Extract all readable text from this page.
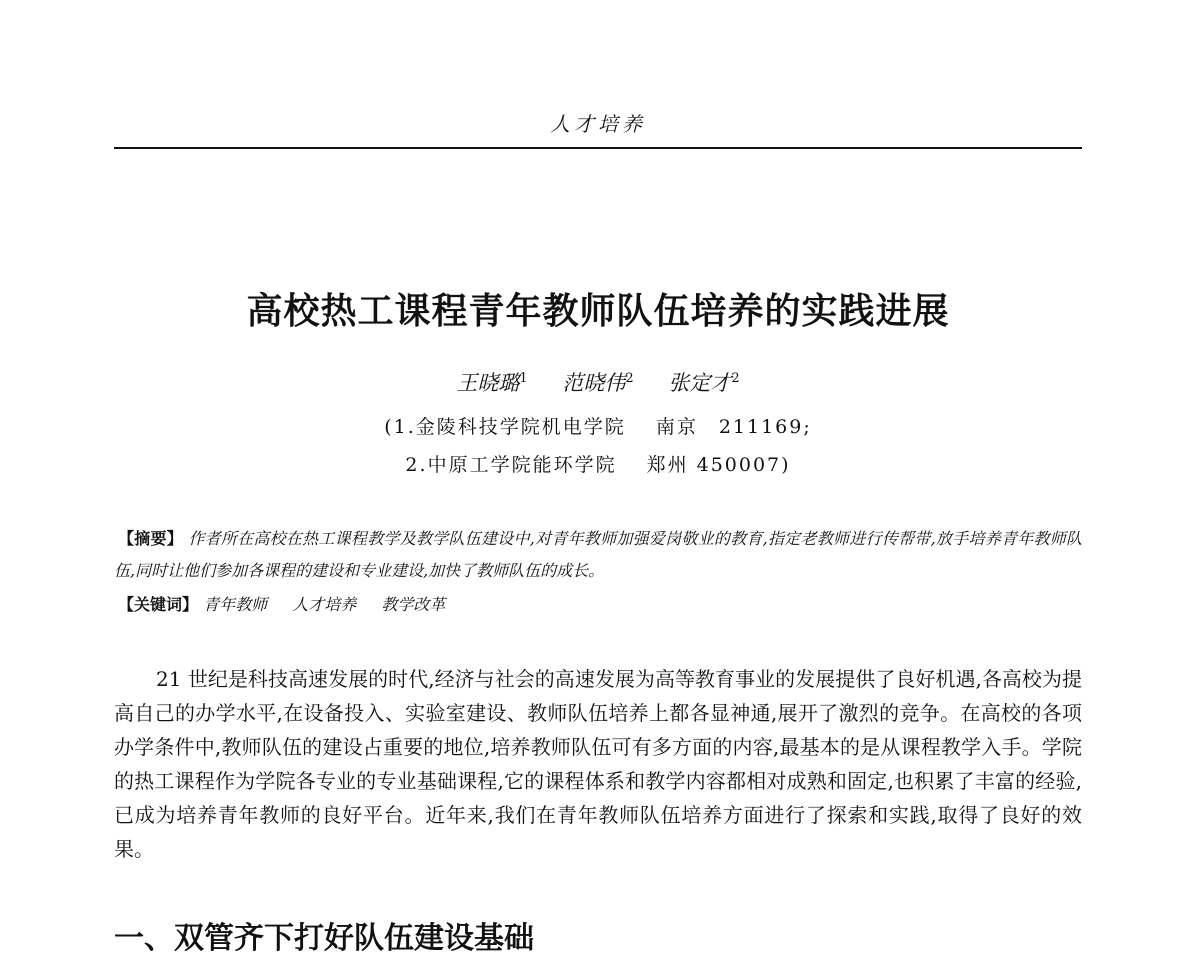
人才培养
高校热工课程青年教师队伍培养的实践进展
王晓璐$^1$ 范晓伟$^2$ 张定才$^2$
(1.金陵科技学院机电学院 南京　211169;
2.中原工学院能环学院 郑州 450007)
【摘要】 作者所在高校在热工课程教学及教学队伍建设中,对青年教师加强爱岗敬业的教育,指定老教师进行传帮带,放手培养青年教师队伍,同时让他们参加各课程的建设和专业建设,加快了教师队伍的成长。
【关键词】 青年教师 人才培养 教学改革
21 世纪是科技高速发展的时代,经济与社会的高速发展为高等教育事业的发展提供了良好机遇,各高校为提高自己的办学水平,在设备投入、实验室建设、教师队伍培养上都各显神通,展开了激烈的竞争。在高校的各项办学条件中,教师队伍的建设占重要的地位,培养教师队伍可有多方面的内容,最基本的是从课程教学入手。学院的热工课程作为学院各专业的专业基础课程,它的课程体系和教学内容都相对成熟和固定,也积累了丰富的经验,已成为培养青年教师的良好平台。近年来,我们在青年教师队伍培养方面进行了探索和实践,取得了良好的效果。
一、双管齐下打好队伍建设基础
